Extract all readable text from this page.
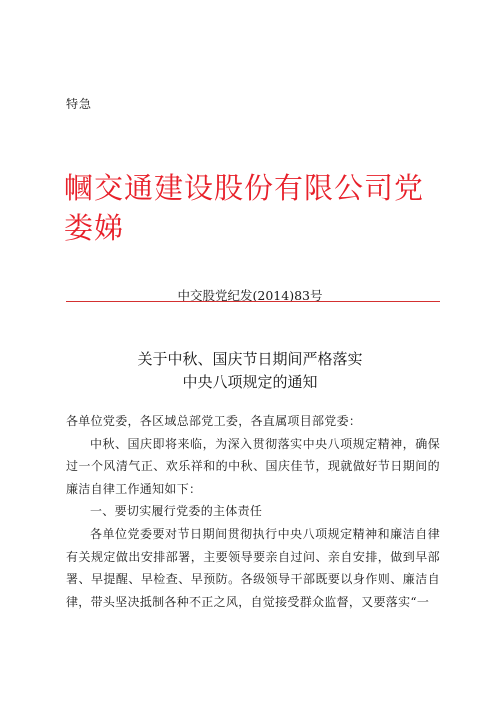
特急
幗交通建设股份有限公司党
娄娣
中交股党纪发(2014)83号
关于中秋、国庆节日期间严格落实
中央八项规定的通知

各单位党委，各区域总部党工委，各直属项目部党委：

中秋、国庆即将来临，为深入贯彻落实中央八项规定精神，确保过一个风清气正、欢乐祥和的中秋、国庆佳节，现就做好节日期间的廉洁自律工作通知如下：

一、要切实履行党委的主体责任

各单位党委要对节日期间贯彻执行中央八项规定精神和廉洁自律有关规定做出安排部署，主要领导要亲自过问、亲自安排，做到早部署、早提醒、早检查、早预防。各级领导干部既要以身作则、廉洁自律，带头坚决抵制各种不正之风，自觉接受群众监督，又要落实“一
